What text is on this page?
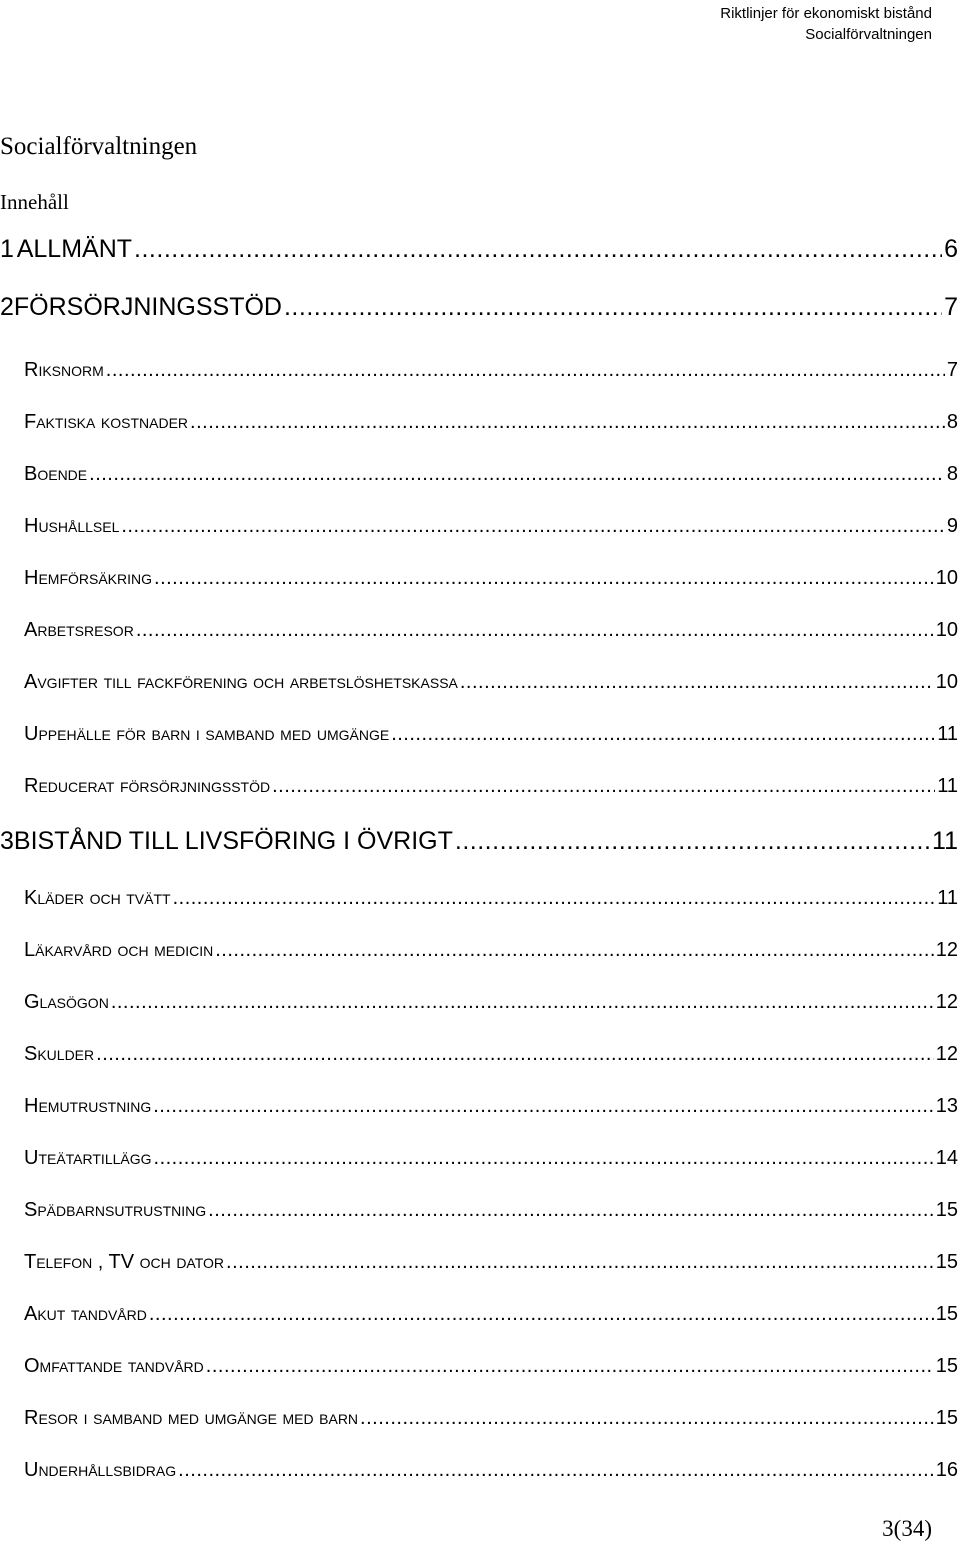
Riktlinjer för ekonomiskt bistånd
Socialförvaltningen
Socialförvaltningen
Innehåll
1 ALLMÄNT .....	6
2 FÖRSÖRJNINGSSTÖD .....	7
Riksnorm .....	7
Faktiska kostnader .....	8
Boende .....	8
Hushållsel .....	9
Hemförsäkring .....	10
Arbetsresor .....	10
Avgifter till fackförening och arbetslöshetskassa .....	10
Uppehälle för barn i samband med umgänge .....	11
Reducerat försörjningsstöd .....	11
3 BISTÅND TILL LIVSFÖRING I ÖVRIGT .....	11
Kläder och tvätt .....	11
Läkarvård och medicin .....	12
Glasögon .....	12
Skulder .....	12
Hemutrustning .....	13
Uteätartillägg .....	14
Spädbarnsutrustning .....	15
Telefon , TV och dator .....	15
Akut tandvård .....	15
Omfattande tandvård .....	15
Resor i samband med umgänge med barn .....	15
Underhållsbidrag .....	16
3(34)
